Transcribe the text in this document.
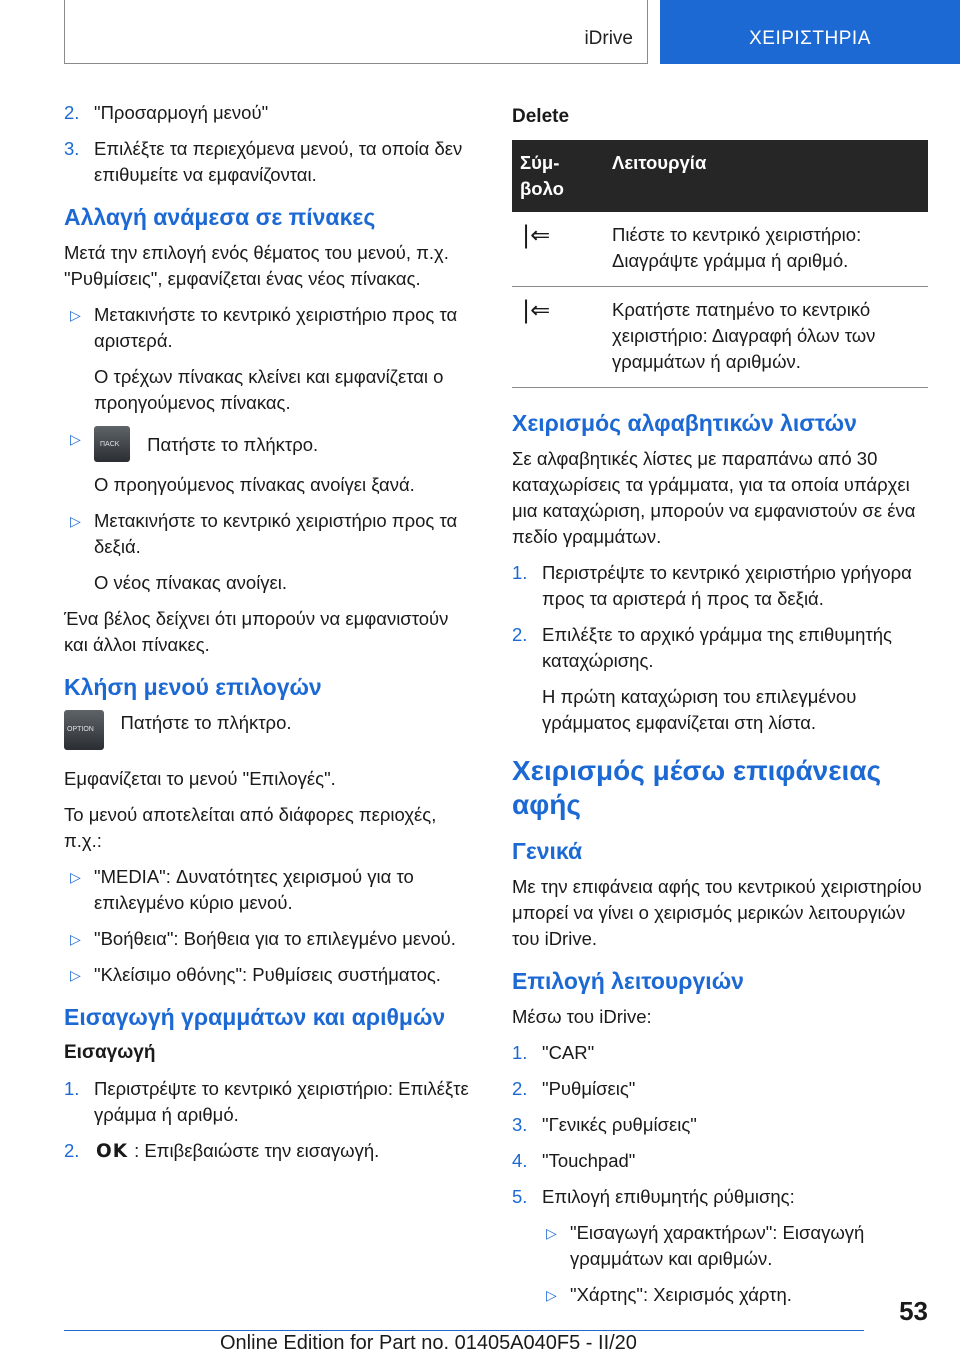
iDrive	ΧΕΙΡΙΣΤΗΡΙΑ
2. "Προσαρμογή μενού"
3. Επιλέξτε τα περιεχόμενα μενού, τα οποία δεν επιθυμείτε να εμφανίζονται.
Αλλαγή ανάμεσα σε πίνακες

Μετά την επιλογή ενός θέματος του μενού, π.χ. "Ρυθμίσεις", εμφανίζεται ένας νέος πίνακας.

▷ Μετακινήστε το κεντρικό χειριστήριο προς τα αριστερά.

Ο τρέχων πίνακας κλείνει και εμφανίζεται ο προηγούμενος πίνακας.

▷	ΠΑCK Πατήστε το πλήκτρο.

Ο προηγούμενος πίνακας ανοίγει ξανά.

▷ Μετακινήστε το κεντρικό χειριστήριο προς τα δεξιά.

Ο νέος πίνακας ανοίγει.

Ένα βέλος δείχνει ότι μπορούν να εμφανιστούν και άλλοι πίνακες.

Κλήση μενού επιλογών
OPTION Πατήστε το πλήκτρο.

Εμφανίζεται το μενού "Επιλογές".

Το μενού αποτελείται από διάφορες περιοχές, π.χ.:

▷ "MEDIA": Δυνατότητες χειρισμού για το επιλεγμένο κύριο μενού.
▷ "Βοήθεια": Βοήθεια για το επιλεγμένο μενού.
▷ "Κλείσιμο οθόνης": Ρυθμίσεις συστήματος.
Εισαγωγή γραμμάτων και αριθμών
Εισαγωγή
1. Περιστρέψτε το κεντρικό χειριστήριο: Επιλέξτε γράμμα ή αριθμό.
2. OK : Επιβεβαιώστε την εισαγωγή.
Delete
Σύμ-βολο	Λειτουργία
|⇐	Πιέστε το κεντρικό χειριστήριο: Διαγράψτε γράμμα ή αριθμό.
|⇐	Κρατήστε πατημένο το κεντρικό χειριστήριο: Διαγραφή όλων των γραμμάτων ή αριθμών.
Χειρισμός αλφαβητικών λιστών

Σε αλφαβητικές λίστες με παραπάνω από 30 καταχωρίσεις τα γράμματα, για τα οποία υπάρχει μια καταχώριση, μπορούν να εμφανιστούν σε ένα πεδίο γραμμάτων.

1. Περιστρέψτε το κεντρικό χειριστήριο γρήγορα προς τα αριστερά ή προς τα δεξιά.
2. Επιλέξτε το αρχικό γράμμα της επιθυμητής καταχώρισης.

Η πρώτη καταχώριση του επιλεγμένου γράμματος εμφανίζεται στη λίστα.

Χειρισμός μέσω επιφάνειας αφής
Γενικά

Με την επιφάνεια αφής του κεντρικού χειριστηρίου μπορεί να γίνει ο χειρισμός μερικών λειτουργιών του iDrive.

Επιλογή λειτουργιών

Μέσω του iDrive:

1. "CAR"
2. "Ρυθμίσεις"
3. "Γενικές ρυθμίσεις"
4. "Touchpad"
5. Επιλογή επιθυμητής ρύθμισης:
▷ "Εισαγωγή χαρακτήρων": Εισαγωγή γραμμάτων και αριθμών.
▷ "Χάρτης": Χειρισμός χάρτη.
53
Online Edition for Part no. 01405A040F5 - II/20
